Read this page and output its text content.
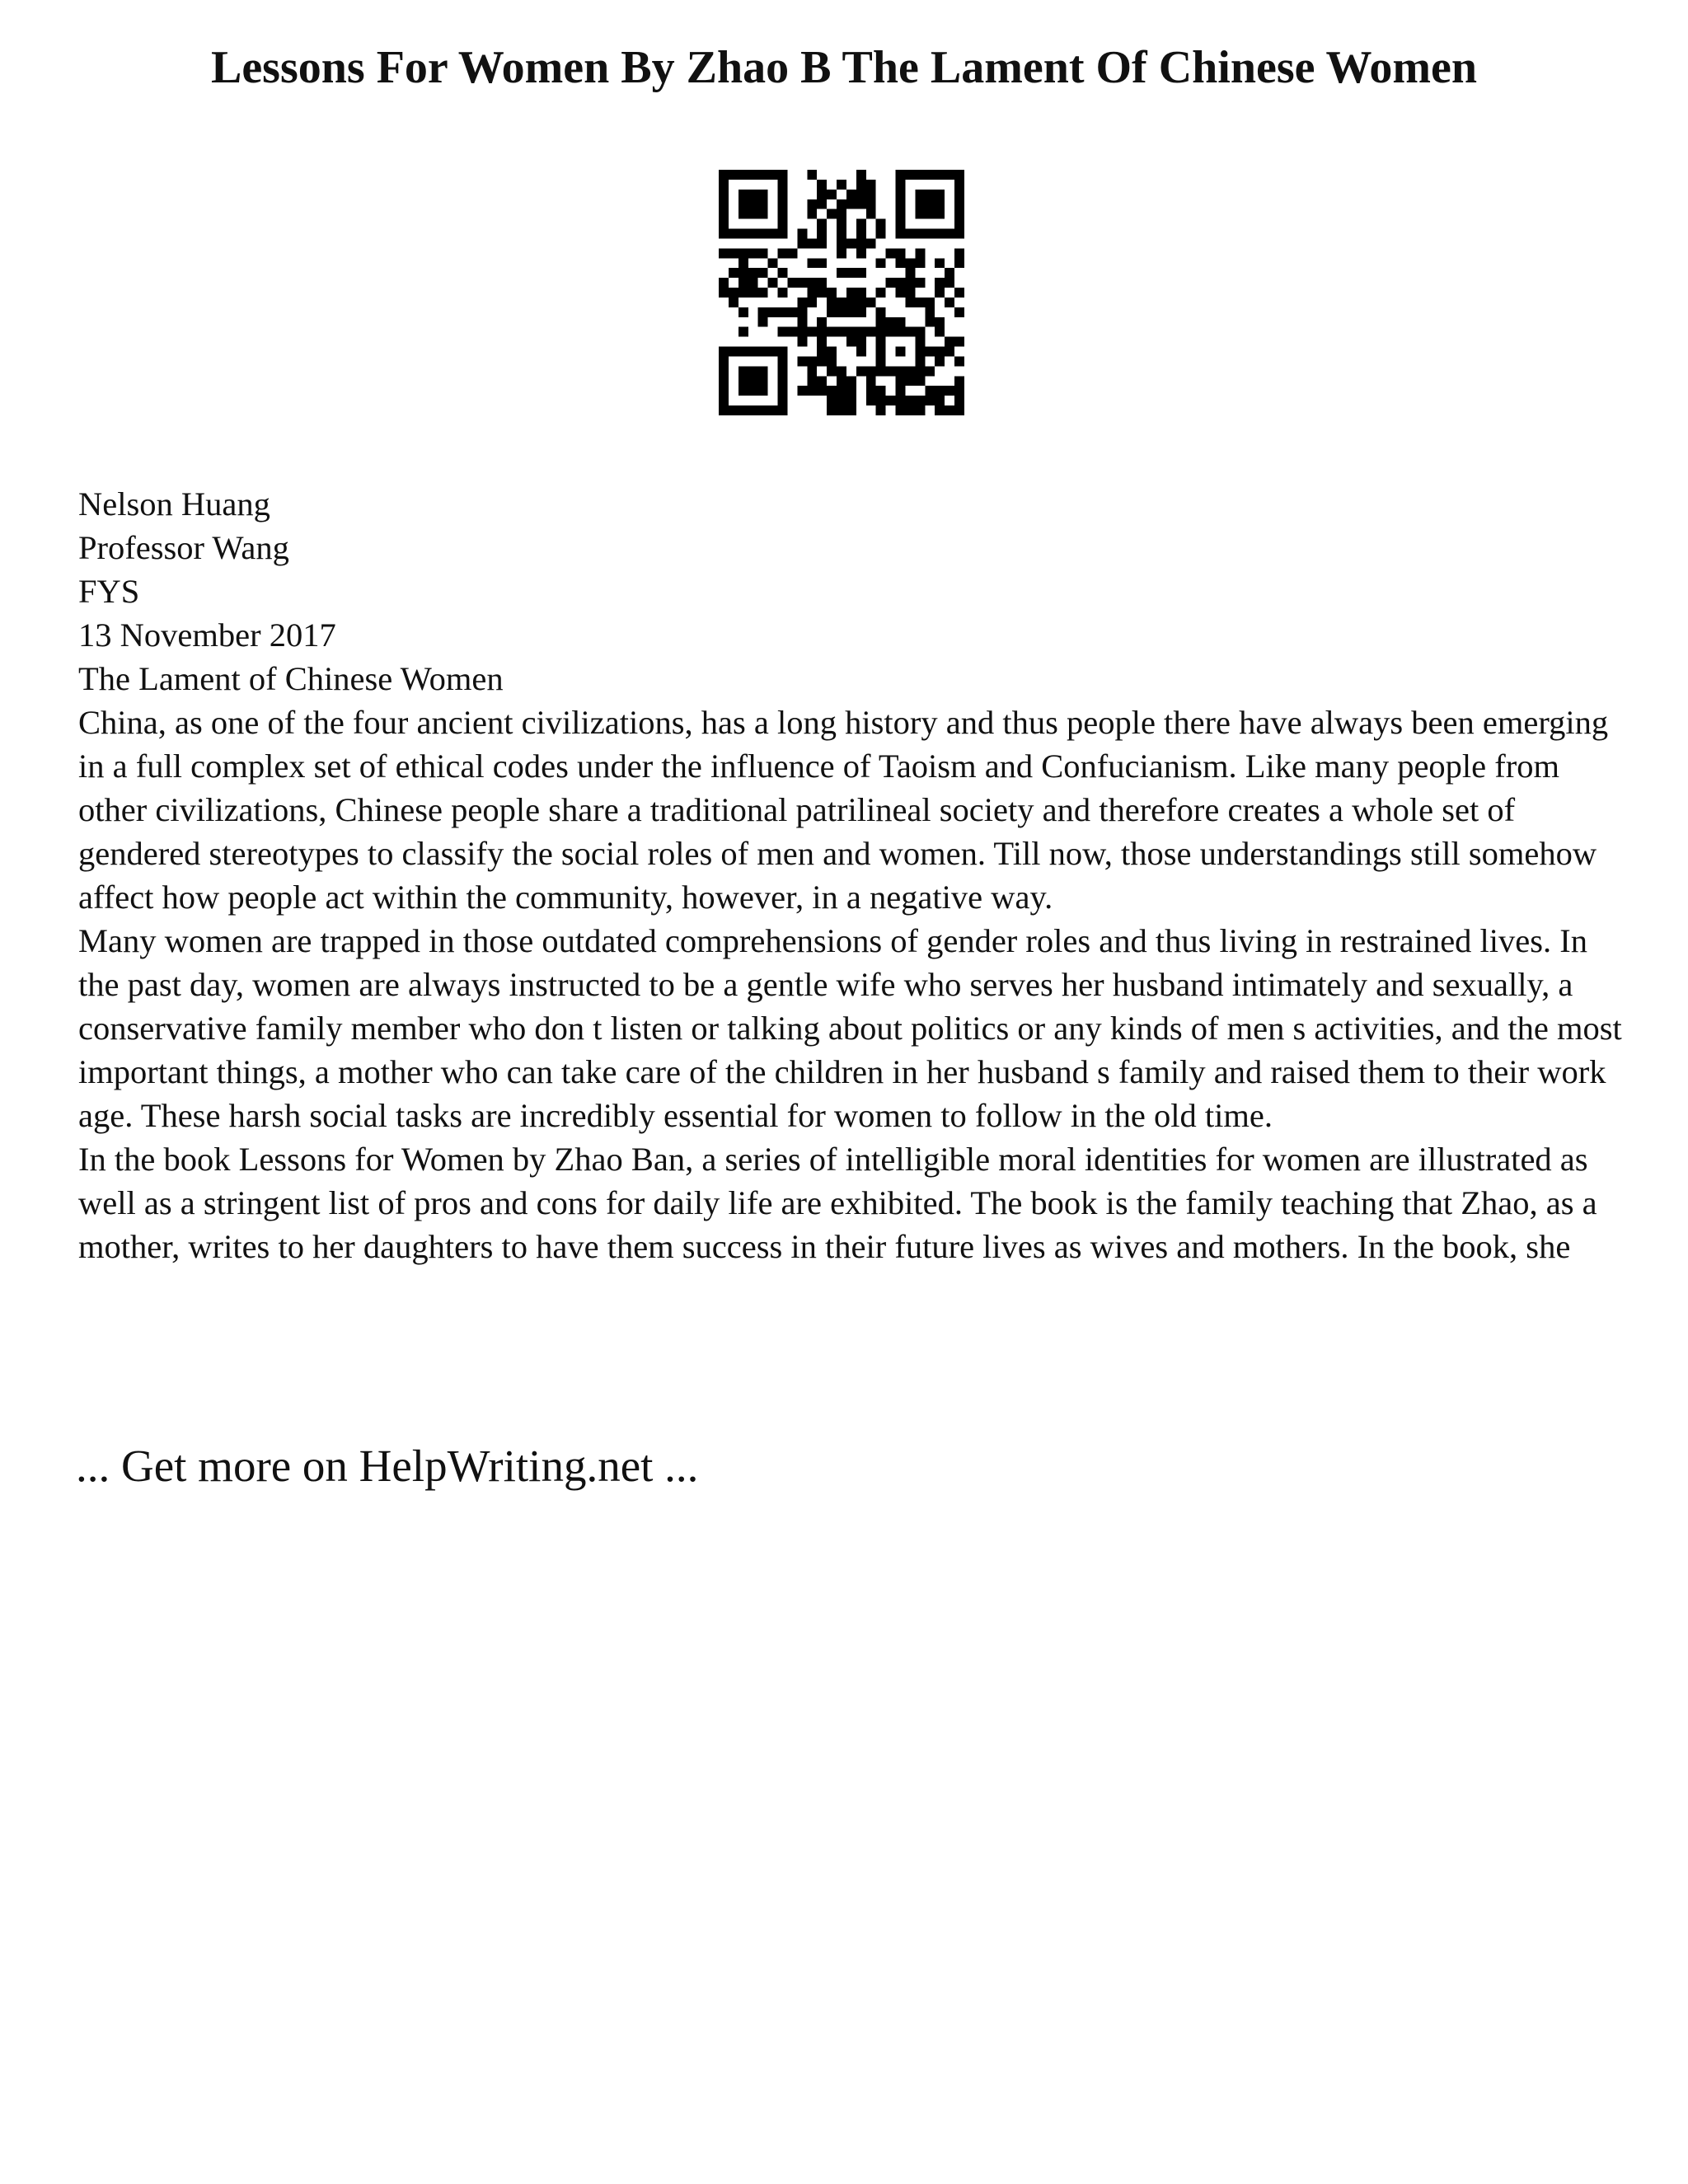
Lessons For Women By Zhao B The Lament Of Chinese Women

Nelson Huang

Professor Wang

FYS

13 November 2017

The Lament of Chinese Women

China, as one of the four ancient civilizations, has a long history and thus people there have always been emerging in a full complex set of ethical codes under the influence of Taoism and Confucianism. Like many people from other civilizations, Chinese people share a traditional patrilineal society and therefore creates a whole set of gendered stereotypes to classify the social roles of men and women. Till now, those understandings still somehow affect how people act within the community, however, in a negative way.

Many women are trapped in those outdated comprehensions of gender roles and thus living in restrained lives. In the past day, women are always instructed to be a gentle wife who serves her husband intimately and sexually, a conservative family member who don t listen or talking about politics or any kinds of men s activities, and the most important things, a mother who can take care of the children in her husband s family and raised them to their work age. These harsh social tasks are incredibly essential for women to follow in the old time.

In the book Lessons for Women by Zhao Ban, a series of intelligible moral identities for women are illustrated as well as a stringent list of pros and cons for daily life are exhibited. The book is the family teaching that Zhao, as a mother, writes to her daughters to have them success in their future lives as wives and mothers. In the book, she

... Get more on HelpWriting.net ...
